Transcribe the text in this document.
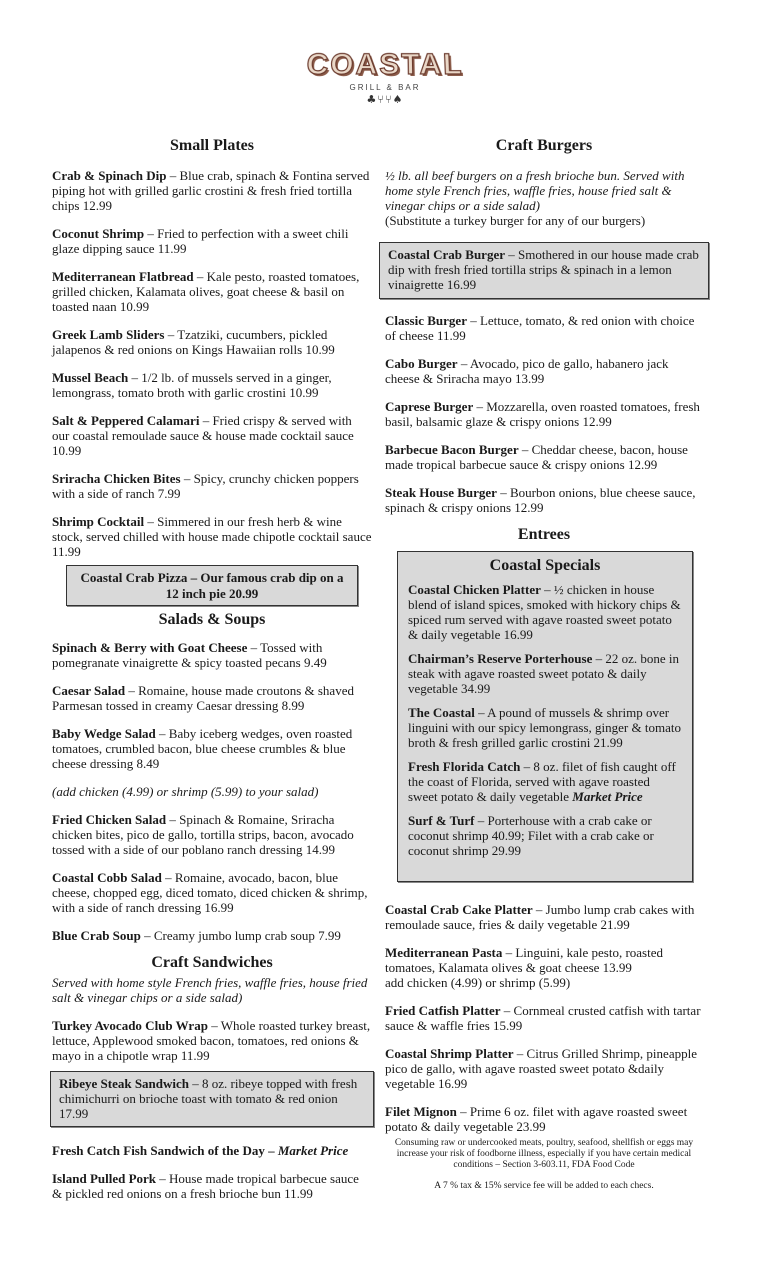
COASTAL
GRILL & BAR
♣⑂⑂♠
Small Plates
Crab & Spinach Dip – Blue crab, spinach & Fontina served piping hot with grilled garlic crostini & fresh fried tortilla chips 12.99
Coconut Shrimp – Fried to perfection with a sweet chili glaze dipping sauce 11.99
Mediterranean Flatbread – Kale pesto, roasted tomatoes, grilled chicken, Kalamata olives, goat cheese & basil on toasted naan 10.99
Greek Lamb Sliders – Tzatziki, cucumbers, pickled jalapenos & red onions on Kings Hawaiian rolls 10.99
Mussel Beach – 1/2 lb. of mussels served in a ginger, lemongrass, tomato broth with garlic crostini 10.99
Salt & Peppered Calamari – Fried crispy & served with our coastal remoulade sauce & house made cocktail sauce 10.99
Sriracha Chicken Bites – Spicy, crunchy chicken poppers with a side of ranch 7.99
Shrimp Cocktail – Simmered in our fresh herb & wine stock, served chilled with house made chipotle cocktail sauce 11.99
Coastal Crab Pizza – Our famous crab dip on a 12 inch pie 20.99
Salads & Soups
Spinach & Berry with Goat Cheese – Tossed with pomegranate vinaigrette & spicy toasted pecans 9.49
Caesar Salad – Romaine, house made croutons & shaved Parmesan tossed in creamy Caesar dressing 8.99
Baby Wedge Salad – Baby iceberg wedges, oven roasted tomatoes, crumbled bacon, blue cheese crumbles & blue cheese dressing 8.49
(add chicken (4.99) or shrimp (5.99) to your salad)
Fried Chicken Salad – Spinach & Romaine, Sriracha chicken bites, pico de gallo, tortilla strips, bacon, avocado tossed with a side of our poblano ranch dressing 14.99
Coastal Cobb Salad – Romaine, avocado, bacon, blue cheese, chopped egg, diced tomato, diced chicken & shrimp, with a side of ranch dressing 16.99
Blue Crab Soup – Creamy jumbo lump crab soup 7.99
Craft Sandwiches
Served with home style French fries, waffle fries, house fried salt & vinegar chips or a side salad)
Turkey Avocado Club Wrap – Whole roasted turkey breast, lettuce, Applewood smoked bacon, tomatoes, red onions & mayo in a chipotle wrap 11.99
Ribeye Steak Sandwich – 8 oz. ribeye topped with fresh chimichurri on brioche toast with tomato & red onion 17.99
Fresh Catch Fish Sandwich of the Day – Market Price
Island Pulled Pork – House made tropical barbecue sauce & pickled red onions on a fresh brioche bun 11.99
Craft Burgers
½ lb. all beef burgers on a fresh brioche bun. Served with home style French fries, waffle fries, house fried salt & vinegar chips or a side salad)
(Substitute a turkey burger for any of our burgers)
Coastal Crab Burger – Smothered in our house made crab dip with fresh fried tortilla strips & spinach in a lemon vinaigrette 16.99
Classic Burger – Lettuce, tomato, & red onion with choice of cheese 11.99
Cabo Burger – Avocado, pico de gallo, habanero jack cheese & Sriracha mayo 13.99
Caprese Burger – Mozzarella, oven roasted tomatoes, fresh basil, balsamic glaze & crispy onions 12.99
Barbecue Bacon Burger – Cheddar cheese, bacon, house made tropical barbecue sauce & crispy onions 12.99
Steak House Burger – Bourbon onions, blue cheese sauce, spinach & crispy onions 12.99
Entrees
Coastal Specials
Coastal Chicken Platter – ½ chicken in house blend of island spices, smoked with hickory chips & spiced rum served with agave roasted sweet potato & daily vegetable 16.99
Chairman’s Reserve Porterhouse – 22 oz. bone in steak with agave roasted sweet potato & daily vegetable 34.99
The Coastal – A pound of mussels & shrimp over linguini with our spicy lemongrass, ginger & tomato broth & fresh grilled garlic crostini 21.99
Fresh Florida Catch – 8 oz. filet of fish caught off the coast of Florida, served with agave roasted sweet potato & daily vegetable Market Price
Surf & Turf – Porterhouse with a crab cake or coconut shrimp 40.99; Filet with a crab cake or coconut shrimp 29.99
Coastal Crab Cake Platter – Jumbo lump crab cakes with remoulade sauce, fries & daily vegetable 21.99
Mediterranean Pasta – Linguini, kale pesto, roasted tomatoes, Kalamata olives & goat cheese 13.99
add chicken (4.99) or shrimp (5.99)
Fried Catfish Platter – Cornmeal crusted catfish with tartar sauce & waffle fries 15.99
Coastal Shrimp Platter – Citrus Grilled Shrimp, pineapple pico de gallo, with agave roasted sweet potato &daily vegetable 16.99
Filet Mignon – Prime 6 oz. filet with agave roasted sweet potato & daily vegetable 23.99
Consuming raw or undercooked meats, poultry, seafood, shellfish or eggs may increase your risk of foodborne illness, especially if you have certain medical conditions – Section 3-603.11, FDA Food Code
A 7 % tax & 15% service fee will be added to each checs.
